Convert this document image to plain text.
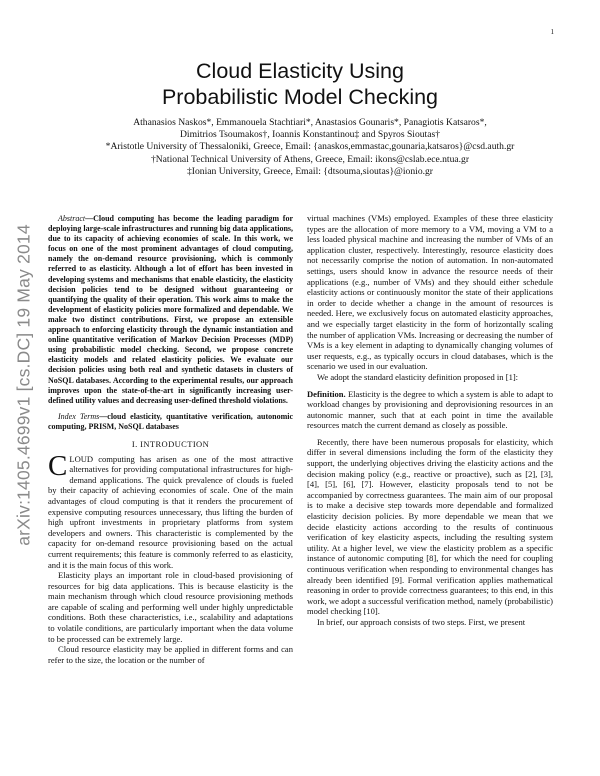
1
arXiv:1405.4699v1 [cs.DC] 19 May 2014
Cloud Elasticity Using
Probabilistic Model Checking
Athanasios Naskos*, Emmanouela Stachtiari*, Anastasios Gounaris*, Panagiotis Katsaros*,
Dimitrios Tsoumakos†, Ioannis Konstantinou‡ and Spyros Sioutas†
*Aristotle University of Thessaloniki, Greece, Email: {anaskos,emmastac,gounaria,katsaros}@csd.auth.gr
†National Technical University of Athens, Greece, Email: ikons@cslab.ece.ntua.gr
‡Ionian University, Greece, Email: {dtsouma,sioutas}@ionio.gr

Abstract—Cloud computing has become the leading paradigm for deploying large-scale infrastructures and running big data applications, due to its capacity of achieving economies of scale. In this work, we focus on one of the most prominent advantages of cloud computing, namely the on-demand resource provisioning, which is commonly referred to as elasticity. Although a lot of effort has been invested in developing systems and mechanisms that enable elasticity, the elasticity decision policies tend to be designed without guaranteeing or quantifying the quality of their operation. This work aims to make the development of elasticity policies more formalized and dependable. We make two distinct contributions. First, we propose an extensible approach to enforcing elasticity through the dynamic instantiation and online quantitative verification of Markov Decision Processes (MDP) using probabilistic model checking. Second, we propose concrete elasticity models and related elasticity policies. We evaluate our decision policies using both real and synthetic datasets in clusters of NoSQL databases. According to the experimental results, our approach improves upon the state-of-the-art in significantly increasing user-defined utility values and decreasing user-defined threshold violations.

Index Terms—cloud elasticity, quantitative verification, autonomic computing, PRISM, NoSQL databases

I. INTRODUCTION

CLOUD computing has arisen as one of the most attractive alternatives for providing computational infrastructures for high-demand applications. The quick prevalence of clouds is fueled by their capacity of achieving economies of scale. One of the main advantages of cloud computing is that it renders the procurement of expensive computing resources unnecessary, thus lifting the burden of high upfront investments in proprietary platforms from system developers and owners. This characteristic is complemented by the capacity for on-demand resource provisioning based on the actual current requirements; this feature is commonly referred to as elasticity, and it is the main focus of this work.

Elasticity plays an important role in cloud-based provisioning of resources for big data applications. This is because elasticity is the main mechanism through which cloud resource provisioning methods are capable of scaling and performing well under highly unpredictable conditions. Both these characteristics, i.e., scalability and adaptations to volatile conditions, are particularly important when the data volume to be processed can be extremely large.

Cloud resource elasticity may be applied in different forms and can refer to the size, the location or the number of

virtual machines (VMs) employed. Examples of these three elasticity types are the allocation of more memory to a VM, moving a VM to a less loaded physical machine and increasing the number of VMs of an application cluster, respectively. Interestingly, resource elasticity does not necessarily comprise the notion of automation. In non-automated settings, users should know in advance the resource needs of their applications (e.g., number of VMs) and they should either schedule elasticity actions or continuously monitor the state of their applications in order to decide whether a change in the amount of resources is needed. Here, we exclusively focus on automated elasticity approaches, and we especially target elasticity in the form of horizontally scaling the number of application VMs. Increasing or decreasing the number of VMs is a key element in adapting to dynamically changing volumes of user requests, e.g., as typically occurs in cloud databases, which is the scenario we used in our evaluation.

We adopt the standard elasticity definition proposed in [1]:

Definition. Elasticity is the degree to which a system is able to adapt to workload changes by provisioning and deprovisioning resources in an autonomic manner, such that at each point in time the available resources match the current demand as closely as possible.

Recently, there have been numerous proposals for elasticity, which differ in several dimensions including the form of the elasticity they support, the underlying objectives driving the elasticity actions and the decision making policy (e.g., reactive or proactive), such as [2], [3], [4], [5], [6], [7]. However, elasticity proposals tend to not be accompanied by correctness guarantees. The main aim of our proposal is to make a decisive step towards more dependable and formalized elasticity decision policies. By more dependable we mean that we decide elasticity actions according to the results of continuous verification of key elasticity aspects, including the resulting system utility. At a higher level, we view the elasticity problem as a specific instance of autonomic computing [8], for which the need for coupling continuous verification when responding to environmental changes has already been identified [9]. Formal verification applies mathematical reasoning in order to provide correctness guarantees; to this end, in this work, we adopt a successful verification method, namely (probabilistic) model checking [10].

In brief, our approach consists of two steps. First, we present
